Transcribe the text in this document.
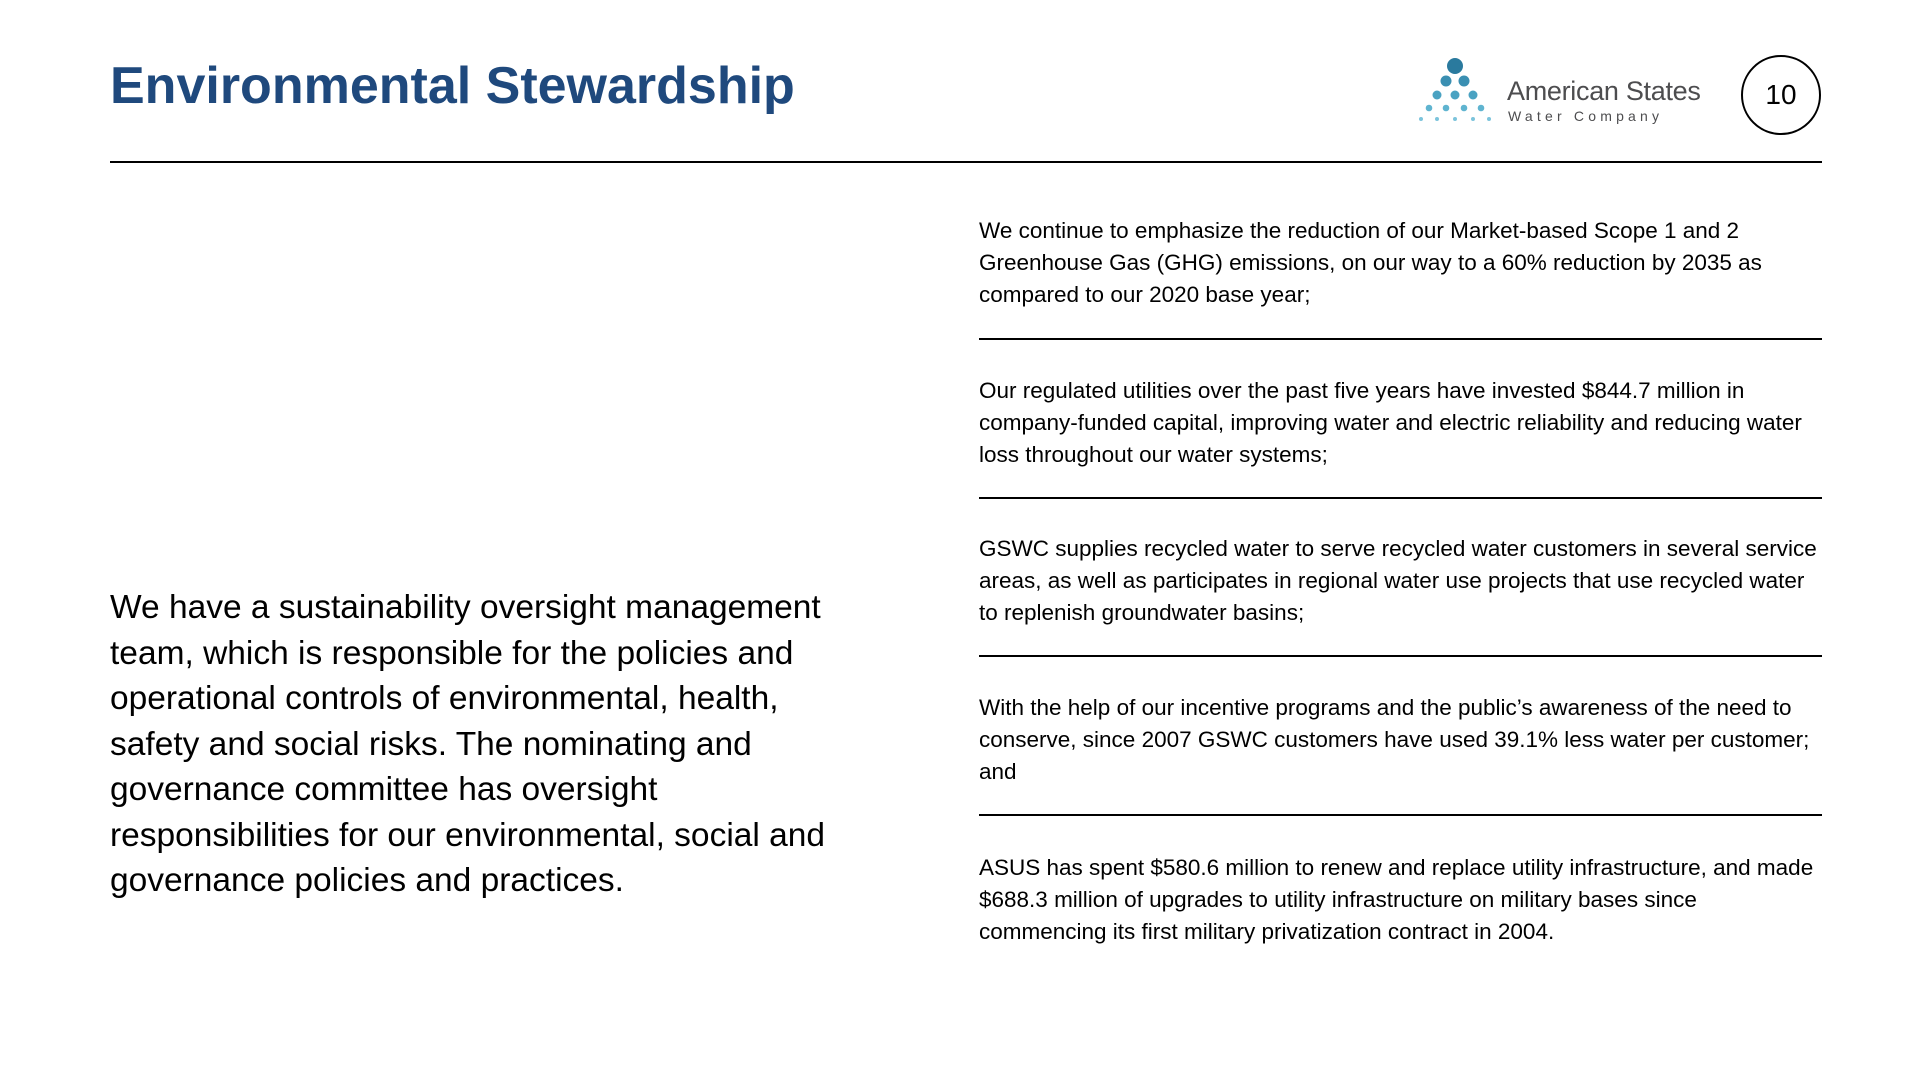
Environmental Stewardship	American States
Water Company
10
We have a sustainability oversight management team, which is responsible for the policies and operational controls of environmental, health, safety and social risks. The nominating and governance committee has oversight responsibilities for our environmental, social and governance policies and practices.
We continue to emphasize the reduction of our Market-based Scope 1 and 2 Greenhouse Gas (GHG) emissions, on our way to a 60% reduction by 2035 as compared to our 2020 base year;
Our regulated utilities over the past five years have invested $844.7 million in company-funded capital, improving water and electric reliability and reducing water loss throughout our water systems;
GSWC supplies recycled water to serve recycled water customers in several service areas, as well as participates in regional water use projects that use recycled water to replenish groundwater basins;
With the help of our incentive programs and the public’s awareness of the need to conserve, since 2007 GSWC customers have used 39.1% less water per customer; and
ASUS has spent $580.6 million to renew and replace utility infrastructure, and made $688.3 million of upgrades to utility infrastructure on military bases since commencing its first military privatization contract in 2004.
